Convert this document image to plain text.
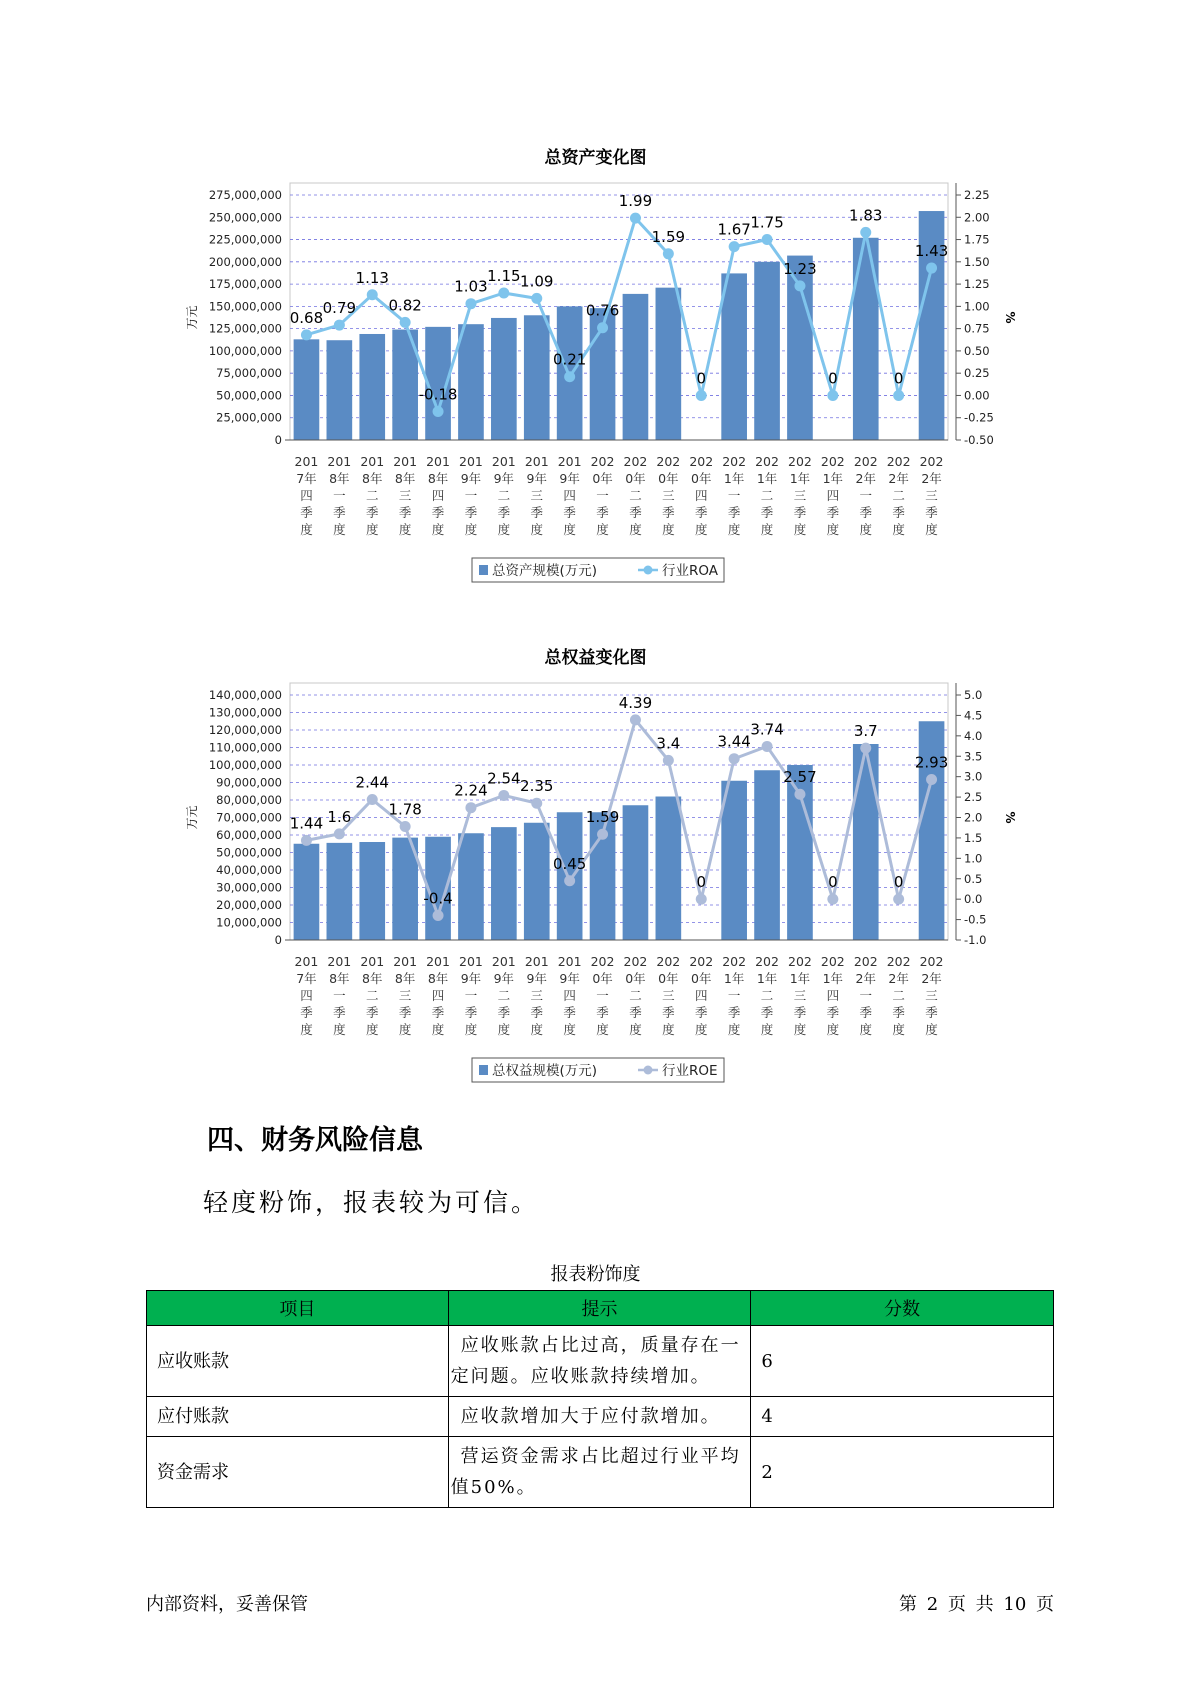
总资产变化图
0
25,000,000
50,000,000
75,000,000
100,000,000
125,000,000
150,000,000
175,000,000
200,000,000
225,000,000
250,000,000
275,000,000
-0.50
-0.25
0.00
0.25
0.50
0.75
1.00
1.25
1.50
1.75
2.00
2.25
万元	%
0.68
0.79
1.13
0.82
-0.18
1.03
1.15 1.09
0.21
0.76
1.99
1.59
0
1.67 1.75
1.23
0
1.83
0
1.43
201
7年
四
季
度
201
8年
一
季
度
201
8年
二
季
度
201
8年
三
季
度
201
8年
四
季
度
201
9年
一
季
度
201
9年
二
季
度
201
9年
三
季
度
201
9年
四
季
度
202
0年
一
季
度
202
0年
二
季
度
202
0年
三
季
度
202
0年
四
季
度
202
1年
一
季
度
202
1年
二
季
度
202
1年
三
季
度
202
1年
四
季
度
202
2年
一
季
度
202
2年
二
季
度
202
2年
三
季
度
总资产规模(万元)	行业ROA
总权益变化图
0
10,000,000
20,000,000
30,000,000
40,000,000
50,000,000
60,000,000
70,000,000
80,000,000
90,000,000
100,000,000
110,000,000
120,000,000
130,000,000
140,000,000
-1.0
-0.5
0.0
0.5
1.0
1.5
2.0
2.5
3.0
3.5
4.0
4.5
5.0
万元	%
1.44 1.6
2.44
1.78
-0.4
2.24
2.54 2.35
0.45
1.59
4.39
3.4
0
3.44
3.74
2.57
0
3.7
0
2.93
201
7年
四
季
度
201
8年
一
季
度
201
8年
二
季
度
201
8年
三
季
度
201
8年
四
季
度
201
9年
一
季
度
201
9年
二
季
度
201
9年
三
季
度
201
9年
四
季
度
202
0年
一
季
度
202
0年
二
季
度
202
0年
三
季
度
202
0年
四
季
度
202
1年
一
季
度
202
1年
二
季
度
202
1年
三
季
度
202
1年
四
季
度
202
2年
一
季
度
202
2年
二
季
度
202
2年
三
季
度
总权益规模(万元)	行业ROE
四、财务风险信息
轻度粉饰，报表较为可信。
报表粉饰度
项目	提示	分数
应收账款	应收账款占比过高，质量存在一定问题。应收账款持续增加。	6
应付账款	应收款增加大于应付款增加。	4
资金需求	营运资金需求占比超过行业平均值50%。	2
内部资料，妥善保管	第 2 页 共 10 页
